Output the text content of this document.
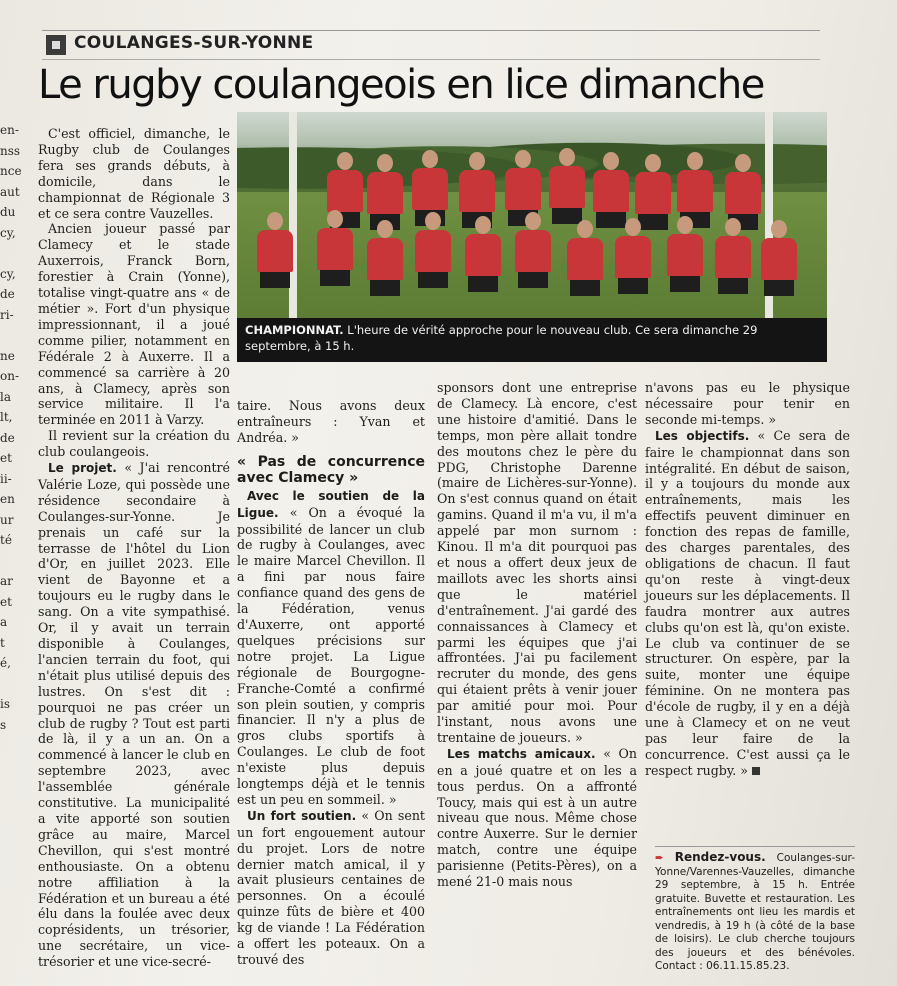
en-
nss
nce
aut
du
cy,

cy,
de
ri-

ne
on-
la
lt,
de
et
ii-
en
ur
té

ar
et
a
t
é,

is
s
COULANGES-SUR-YONNE
Le rugby coulangeois en lice dimanche

C'est officiel, dimanche, le Rugby club de Coulanges fera ses grands débuts, à domicile, dans le championnat de Régionale 3 et ce sera contre Vauzelles.

Ancien joueur passé par Clamecy et le stade Auxerrois, Franck Born, forestier à Crain (Yonne), totalise vingt-quatre ans « de métier ». Fort d'un physique impressionnant, il a joué comme pilier, notamment en Fédérale 2 à Auxerre. Il a commencé sa carrière à 20 ans, à Clamecy, après son service militaire. Il l'a terminée en 2011 à Varzy.

Il revient sur la création du club coulangeois.

Le projet. « J'ai rencontré Valérie Loze, qui possède une résidence secondaire à Coulanges-sur-Yonne. Je prenais un café sur la terrasse de l'hôtel du Lion d'Or, en juillet 2023. Elle vient de Bayonne et a toujours eu le rugby dans le sang. On a vite sympathisé. Or, il y avait un terrain disponible à Coulanges, l'ancien terrain du foot, qui n'était plus utilisé depuis des lustres. On s'est dit : pourquoi ne pas créer un club de rugby ? Tout est parti de là, il y a un an. On a commencé à lancer le club en septembre 2023, avec l'assemblée générale constitutive. La municipalité a vite apporté son soutien grâce au maire, Marcel Chevillon, qui s'est montré enthousiaste. On a obtenu notre affiliation à la Fédération et un bureau a été élu dans la foulée avec deux coprésidents, un trésorier, une secrétaire, un vice-trésorier et une vice-secré-

CHAMPIONNAT. L'heure de vérité approche pour le nouveau club. Ce sera dimanche 29 septembre, à 15 h.

taire. Nous avons deux entraîneurs : Yvan et Andréa. »

« Pas de concurrence avec Clamecy »

Avec le soutien de la Ligue. « On a évoqué la possibilité de lancer un club de rugby à Coulanges, avec le maire Marcel Chevillon. Il a fini par nous faire confiance quand des gens de la Fédération, venus d'Auxerre, ont apporté quelques précisions sur notre projet. La Ligue régionale de Bourgogne-Franche-Comté a confirmé son plein soutien, y compris financier. Il n'y a plus de gros clubs sportifs à Coulanges. Le club de foot n'existe plus depuis longtemps déjà et le tennis est un peu en sommeil. »

Un fort soutien. « On sent un fort engouement autour du projet. Lors de notre dernier match amical, il y avait plusieurs centaines de personnes. On a écoulé quinze fûts de bière et 400 kg de viande ! La Fédération a offert les poteaux. On a trouvé des

sponsors dont une entreprise de Clamecy. Là encore, c'est une histoire d'amitié. Dans le temps, mon père allait tondre des moutons chez le père du PDG, Christophe Darenne (maire de Lichères-sur-Yonne). On s'est connus quand on était gamins. Quand il m'a vu, il m'a appelé par mon surnom : Kinou. Il m'a dit pourquoi pas et nous a offert deux jeux de maillots avec les shorts ainsi que le matériel d'entraînement. J'ai gardé des connaissances à Clamecy et parmi les équipes que j'ai affrontées. J'ai pu facilement recruter du monde, des gens qui étaient prêts à venir jouer par amitié pour moi. Pour l'instant, nous avons une trentaine de joueurs. »

Les matchs amicaux. « On en a joué quatre et on les a tous perdus. On a affronté Toucy, mais qui est à un autre niveau que nous. Même chose contre Auxerre. Sur le dernier match, contre une équipe parisienne (Petits-Pères), on a mené 21-0 mais nous

n'avons pas eu le physique nécessaire pour tenir en seconde mi-temps. »

Les objectifs. « Ce sera de faire le championnat dans son intégralité. En début de saison, il y a toujours du monde aux entraînements, mais les effectifs peuvent diminuer en fonction des repas de famille, des charges parentales, des obligations de chacun. Il faut qu'on reste à vingt-deux joueurs sur les déplacements. Il faudra montrer aux autres clubs qu'on est là, qu'on existe. Le club va continuer de se structurer. On espère, par la suite, monter une équipe féminine. On ne montera pas d'école de rugby, il y en a déjà une à Clamecy et on ne veut pas leur faire de la concurrence. C'est aussi ça le respect rugby. »

➨ Rendez-vous. Coulanges-sur-Yonne/Varennes-Vauzelles, dimanche 29 septembre, à 15 h. Entrée gratuite. Buvette et restauration. Les entraînements ont lieu les mardis et vendredis, à 19 h (à côté de la base de loisirs). Le club cherche toujours des joueurs et des bénévoles. Contact : 06.11.15.85.23.
